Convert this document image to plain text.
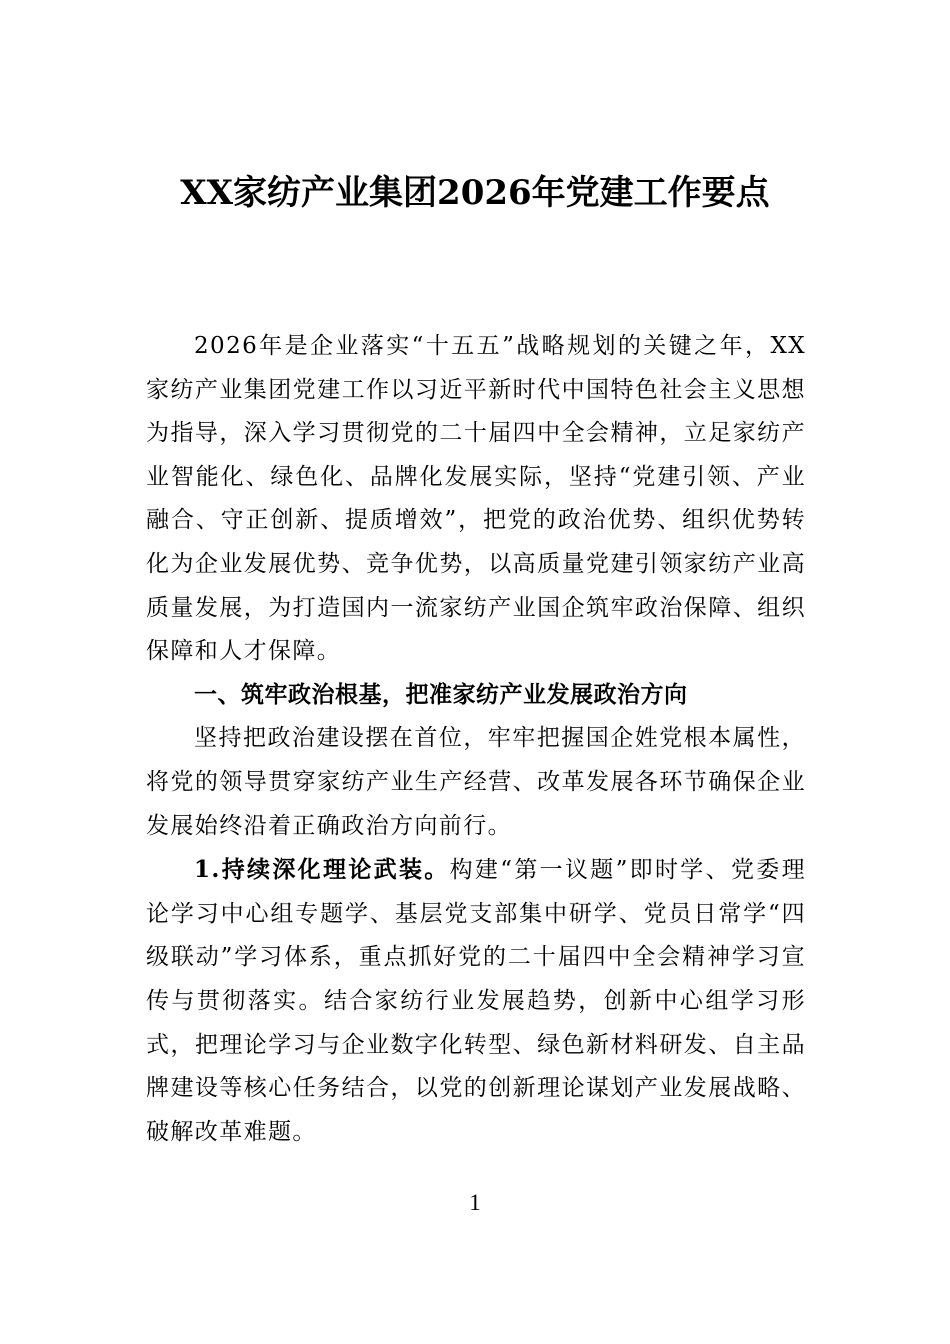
XX家纺产业集团2026年党建工作要点

2026年是企业落实“十五五”战略规划的关键之年，XX家纺产业集团党建工作以习近平新时代中国特色社会主义思想为指导，深入学习贯彻党的二十届四中全会精神，立足家纺产业智能化、绿色化、品牌化发展实际，坚持“党建引领、产业融合、守正创新、提质增效”，把党的政治优势、组织优势转化为企业发展优势、竞争优势，以高质量党建引领家纺产业高质量发展，为打造国内一流家纺产业国企筑牢政治保障、组织保障和人才保障。

一、筑牢政治根基，把准家纺产业发展政治方向

坚持把政治建设摆在首位，牢牢把握国企姓党根本属性，将党的领导贯穿家纺产业生产经营、改革发展各环节确保企业发展始终沿着正确政治方向前行。

1.持续深化理论武装。构建“第一议题”即时学、党委理论学习中心组专题学、基层党支部集中研学、党员日常学“四级联动”学习体系，重点抓好党的二十届四中全会精神学习宣传与贯彻落实。结合家纺行业发展趋势，创新中心组学习形式，把理论学习与企业数字化转型、绿色新材料研发、自主品牌建设等核心任务结合，以党的创新理论谋划产业发展战略、破解改革难题。

1
